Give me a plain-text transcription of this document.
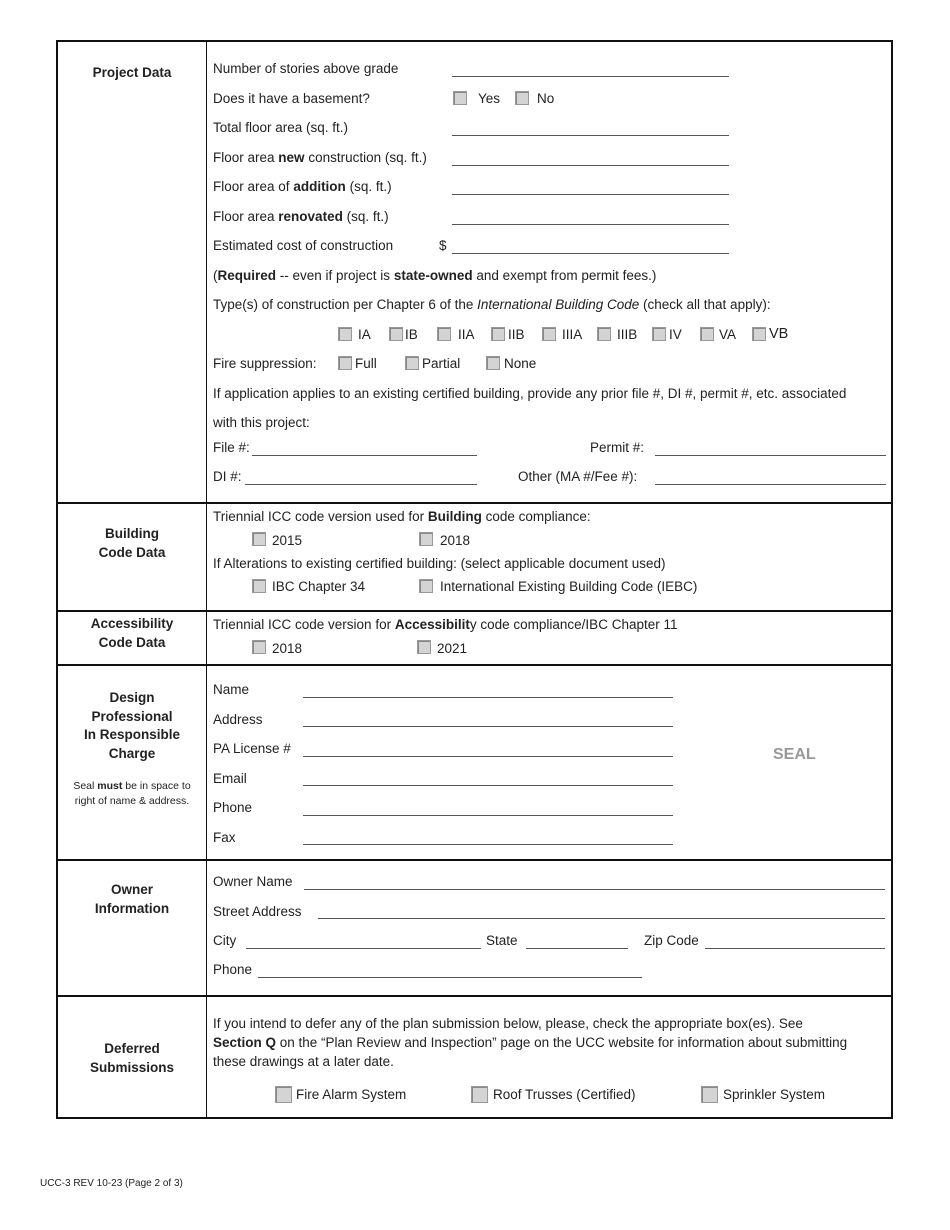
Project Data	Number of stories above grade
Does it have a basement?	Yes	No
Total floor area (sq. ft.)
Floor area new construction (sq. ft.)
Floor area of addition (sq. ft.)
Floor area renovated (sq. ft.)
Estimated cost of construction	$
(Required -- even if project is state-owned and exempt from permit fees.)
Type(s) of construction per Chapter 6 of the International Building Code (check all that apply):
IA	IB	IIA IIB	IIIA	IIIB IV	VA VB
Fire suppression:	Full	Partial	None
If application applies to an existing certified building, provide any prior file #, DI #, permit #, etc. associated
with this project:
File #:	Permit #:
DI #:	Other (MA #/Fee #):
Building
Code Data
Triennial ICC code version used for Building code compliance:
2015	2018
If Alterations to existing certified building: (select applicable document used)
IBC Chapter 34	International Existing Building Code (IEBC)
Accessibility
Code Data
Triennial ICC code version for Accessibility code compliance/IBC Chapter 11
2018	2021
Design
Professional
In Responsible
Charge
Seal must be in space to
right of name & address.
Name
Address
PA License #
Email
Phone
Fax
SEAL
Owner
Information
Owner Name
Street Address
City	State	Zip Code
Phone
Deferred
Submissions
If you intend to defer any of the plan submission below, please, check the appropriate box(es). See
Section Q on the “Plan Review and Inspection” page on the UCC website for information about submitting
these drawings at a later date.
Fire Alarm System	Roof Trusses (Certified)	Sprinkler System
UCC-3 REV 10-23 (Page 2 of 3)
